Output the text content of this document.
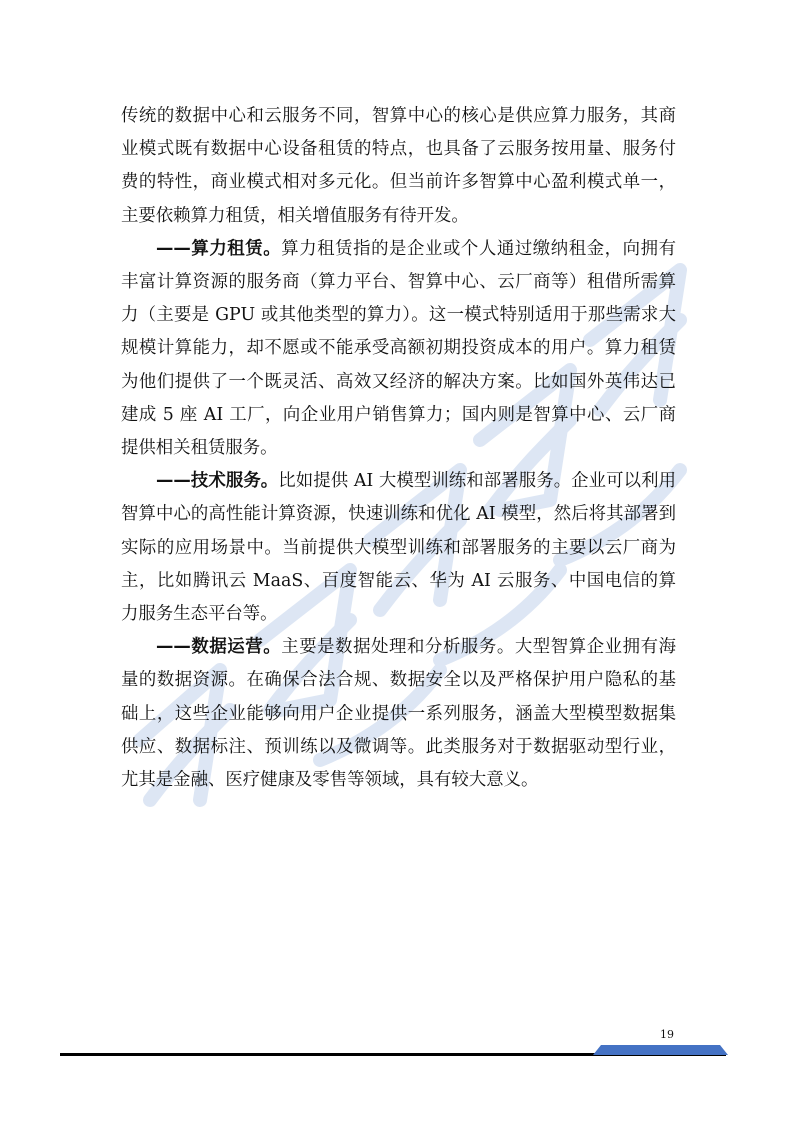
传统的数据中心和云服务不同，智算中心的核心是供应算力服务，其商业模式既有数据中心设备租赁的特点，也具备了云服务按用量、服务付费的特性，商业模式相对多元化。但当前许多智算中心盈利模式单一，主要依赖算力租赁，相关增值服务有待开发。

——算力租赁。算力租赁指的是企业或个人通过缴纳租金，向拥有丰富计算资源的服务商（算力平台、智算中心、云厂商等）租借所需算力（主要是 GPU 或其他类型的算力）。这一模式特别适用于那些需求大规模计算能力，却不愿或不能承受高额初期投资成本的用户。算力租赁为他们提供了一个既灵活、高效又经济的解决方案。比如国外英伟达已建成 5 座 AI 工厂，向企业用户销售算力；国内则是智算中心、云厂商提供相关租赁服务。

——技术服务。比如提供 AI 大模型训练和部署服务。企业可以利用智算中心的高性能计算资源，快速训练和优化 AI 模型，然后将其部署到实际的应用场景中。当前提供大模型训练和部署服务的主要以云厂商为主，比如腾讯云 MaaS、百度智能云、华为 AI 云服务、中国电信的算力服务生态平台等。

——数据运营。主要是数据处理和分析服务。大型智算企业拥有海量的数据资源。在确保合法合规、数据安全以及严格保护用户隐私的基础上，这些企业能够向用户企业提供一系列服务，涵盖大型模型数据集供应、数据标注、预训练以及微调等。此类服务对于数据驱动型行业，尤其是金融、医疗健康及零售等领域，具有较大意义。

19
